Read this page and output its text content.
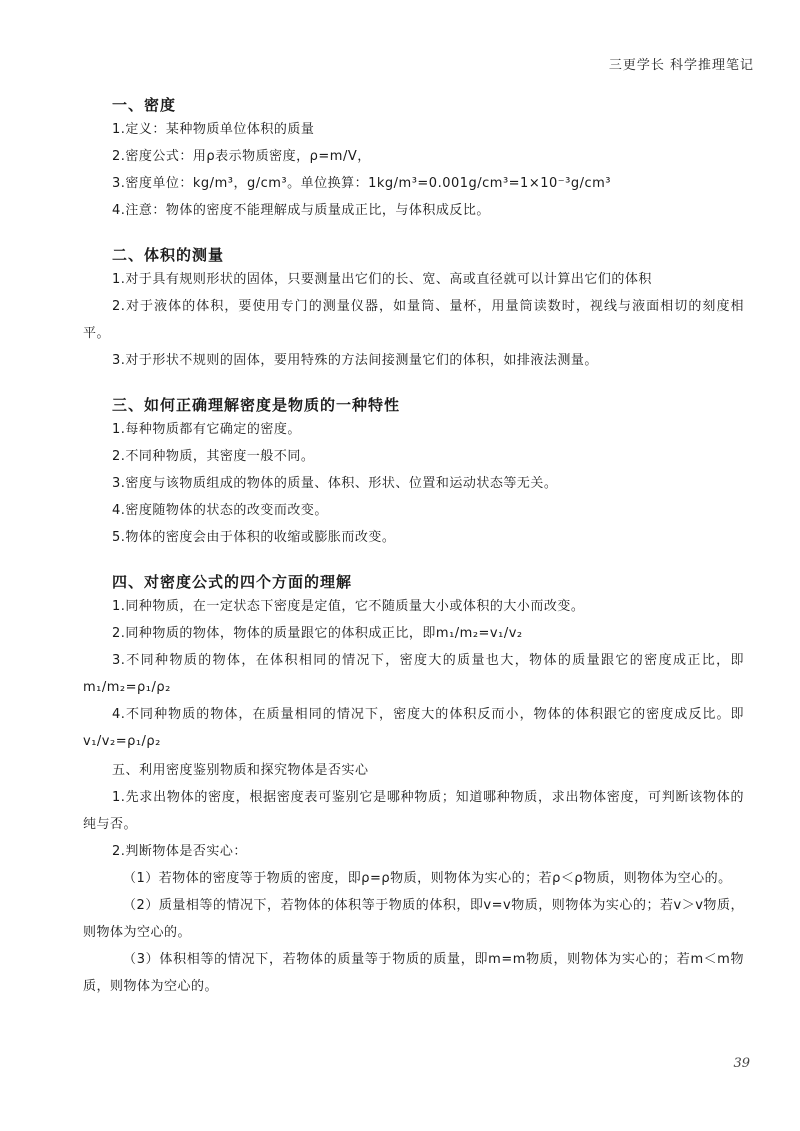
三更学长 科学推理笔记
一、密度

1.定义：某种物质单位体积的质量

2.密度公式：用ρ表示物质密度，ρ=m/V，

3.密度单位：kg/m³，g/cm³。单位换算：1kg/m³=0.001g/cm³=1×10⁻³g/cm³

4.注意：物体的密度不能理解成与质量成正比，与体积成反比。

二、体积的测量

1.对于具有规则形状的固体，只要测量出它们的长、宽、高或直径就可以计算出它们的体积

2.对于液体的体积，要使用专门的测量仪器，如量筒、量杯，用量筒读数时，视线与液面相切的刻度相平。

3.对于形状不规则的固体，要用特殊的方法间接测量它们的体积，如排液法测量。

三、如何正确理解密度是物质的一种特性

1.每种物质都有它确定的密度。

2.不同种物质，其密度一般不同。

3.密度与该物质组成的物体的质量、体积、形状、位置和运动状态等无关。

4.密度随物体的状态的改变而改变。

5.物体的密度会由于体积的收缩或膨胀而改变。

四、对密度公式的四个方面的理解

1.同种物质，在一定状态下密度是定值，它不随质量大小或体积的大小而改变。

2.同种物质的物体，物体的质量跟它的体积成正比，即m₁/m₂=v₁/v₂

3.不同种物质的物体，在体积相同的情况下，密度大的质量也大，物体的质量跟它的密度成正比，即m₁/m₂=ρ₁/ρ₂

4.不同种物质的物体，在质量相同的情况下，密度大的体积反而小，物体的体积跟它的密度成反比。即v₁/v₂=ρ₁/ρ₂

五、利用密度鉴别物质和探究物体是否实心

1.先求出物体的密度，根据密度表可鉴别它是哪种物质；知道哪种物质，求出物体密度，可判断该物体的纯与否。

2.判断物体是否实心：

（1）若物体的密度等于物质的密度，即ρ=ρ物质，则物体为实心的；若ρ＜ρ物质，则物体为空心的。

（2）质量相等的情况下，若物体的体积等于物质的体积，即v=v物质，则物体为实心的；若v＞v物质，则物体为空心的。

（3）体积相等的情况下，若物体的质量等于物质的质量，即m=m物质，则物体为实心的；若m＜m物质，则物体为空心的。

39
